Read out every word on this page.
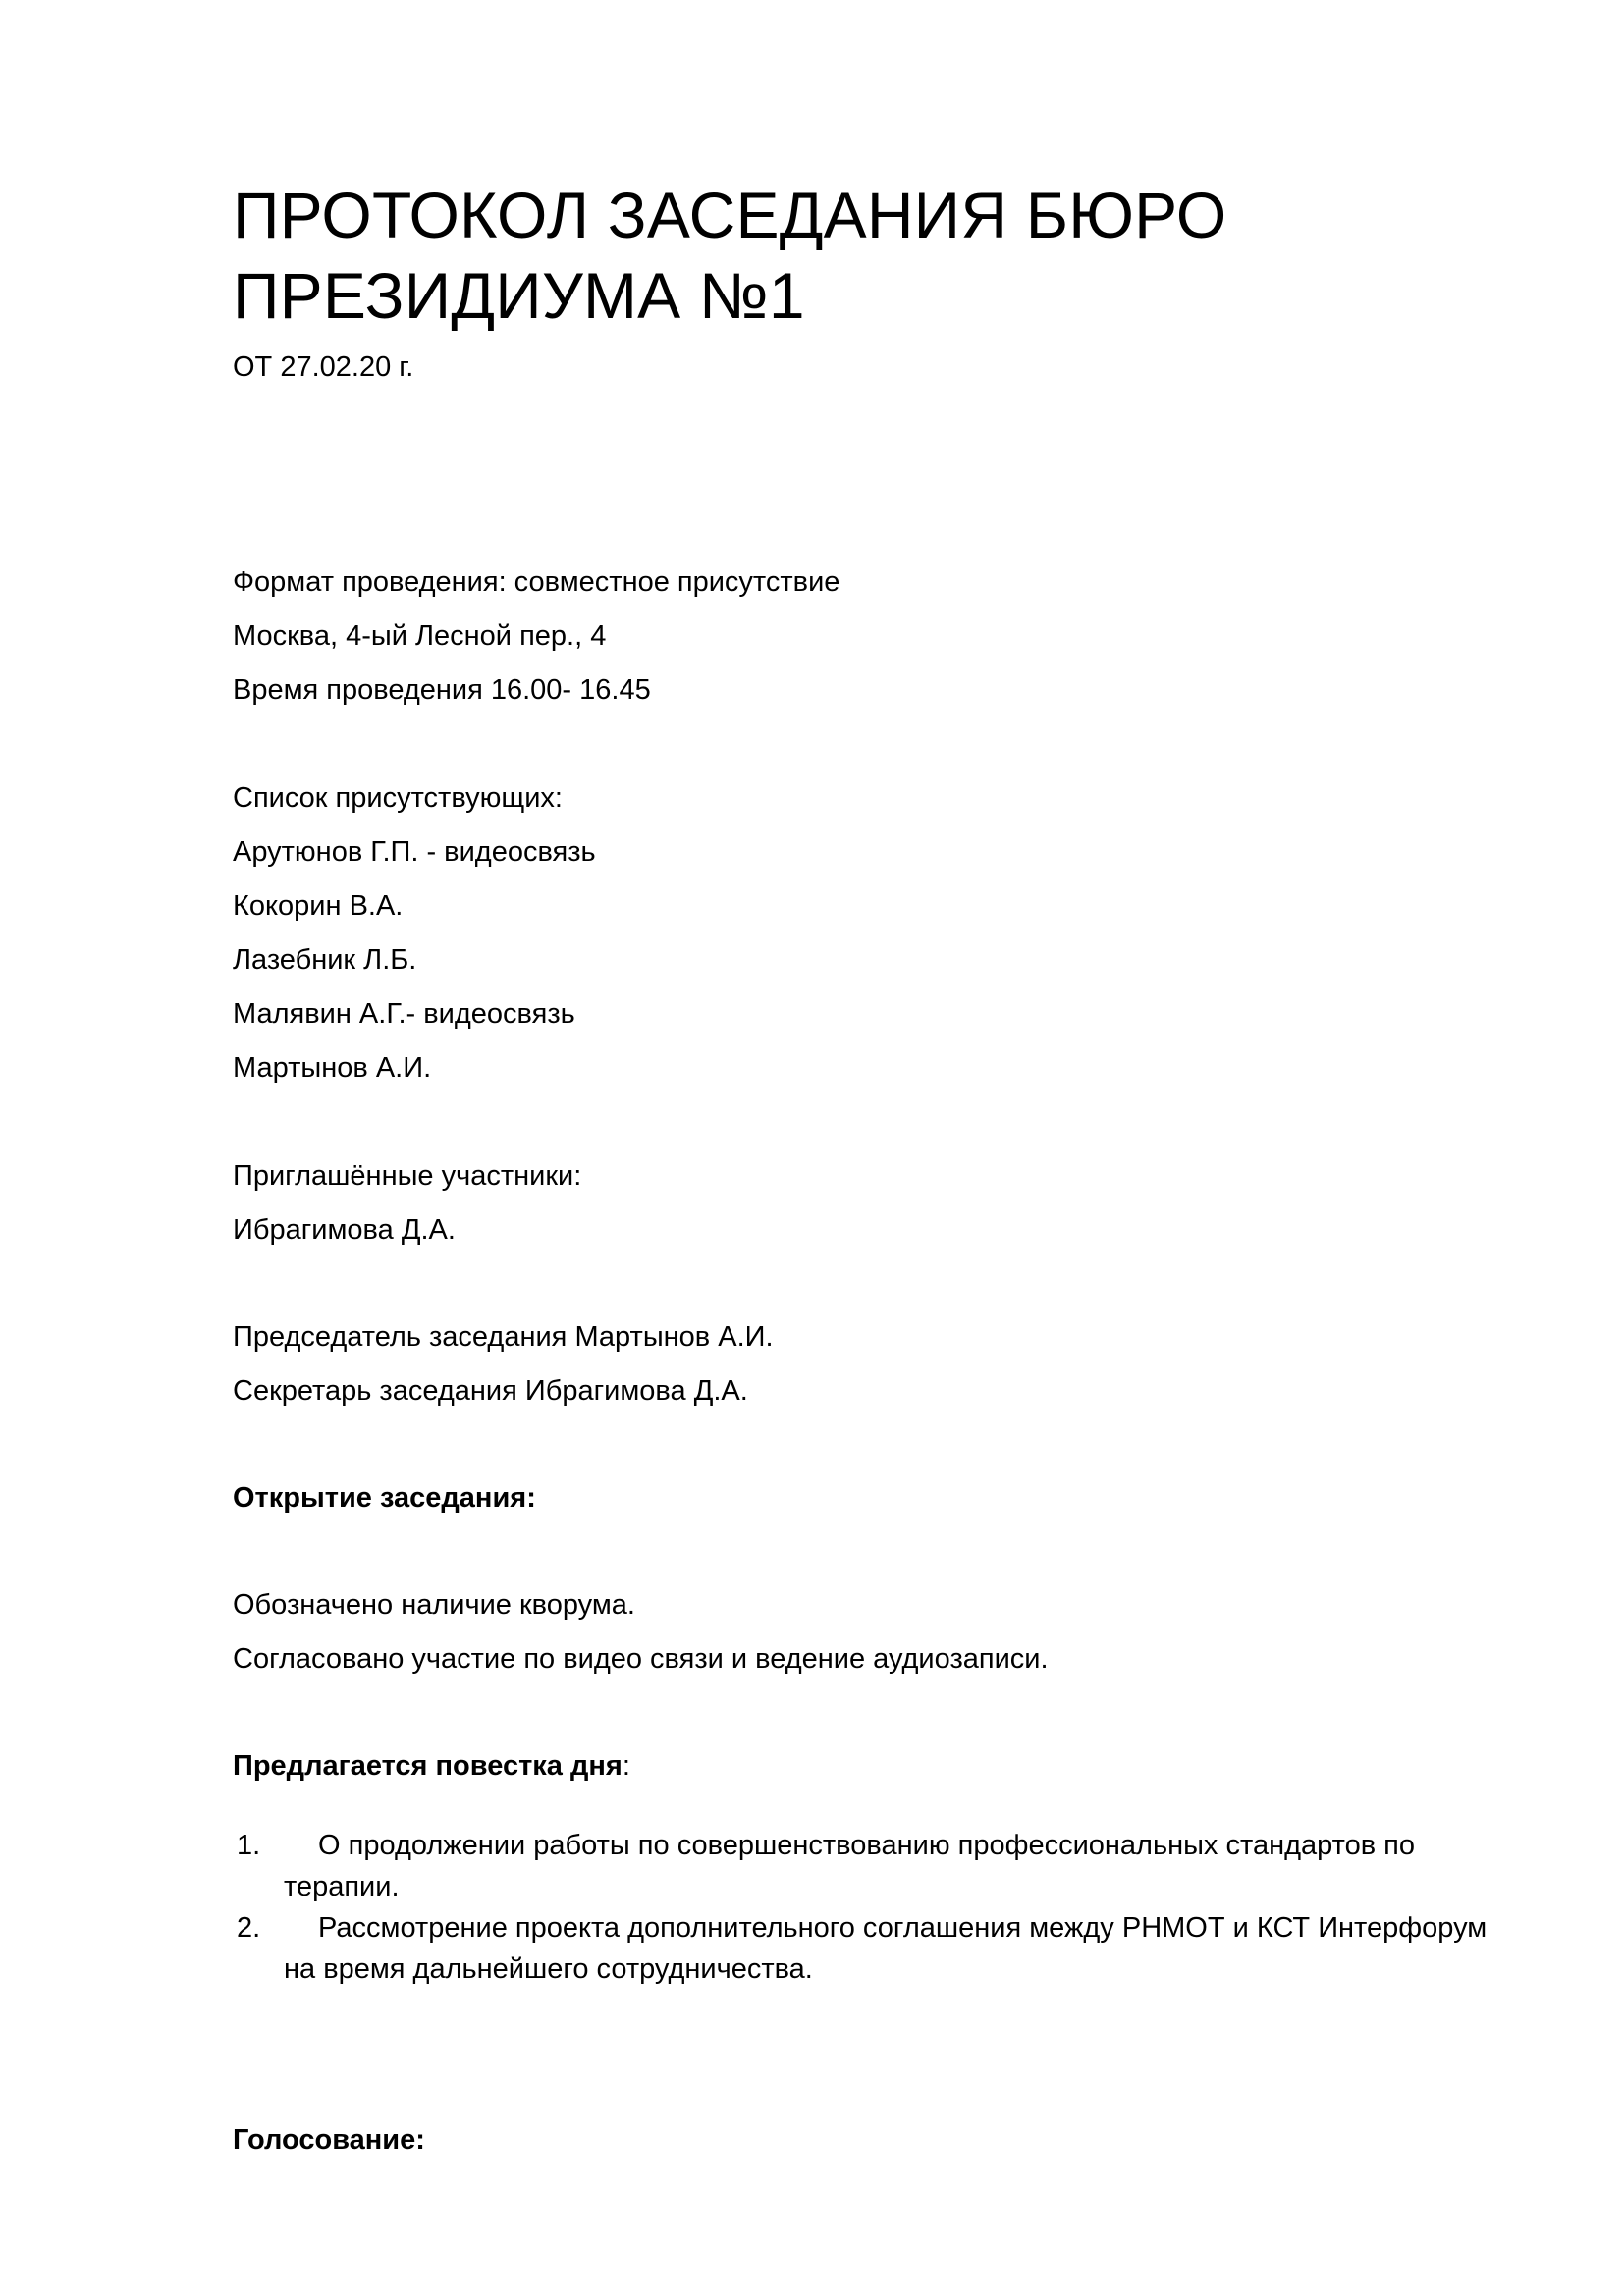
ПРОТОКОЛ ЗАСЕДАНИЯ БЮРО
ПРЕЗИДИУМА №1

ОТ 27.02.20 г.

Формат проведения: совместное присутствие

Москва, 4-ый Лесной пер., 4

Время проведения 16.00- 16.45

Список присутствующих:

Арутюнов Г.П. - видеосвязь

Кокорин В.А.

Лазебник Л.Б.

Малявин А.Г.- видеосвязь

Мартынов А.И.

Приглашённые участники:

Ибрагимова Д.А.

Председатель заседания Мартынов А.И.

Секретарь заседания Ибрагимова Д.А.

Открытие заседания:

Обозначено наличие кворума.

Согласовано участие по видео связи и ведение аудиозаписи.

Предлагается повестка дня:

1.	О продолжении работы по совершенствованию профессиональных стандартов по терапии.
2.	Рассмотрение проекта дополнительного соглашения между РНМОТ и КСТ Интерфорум на время дальнейшего сотрудничества.

Голосование:
